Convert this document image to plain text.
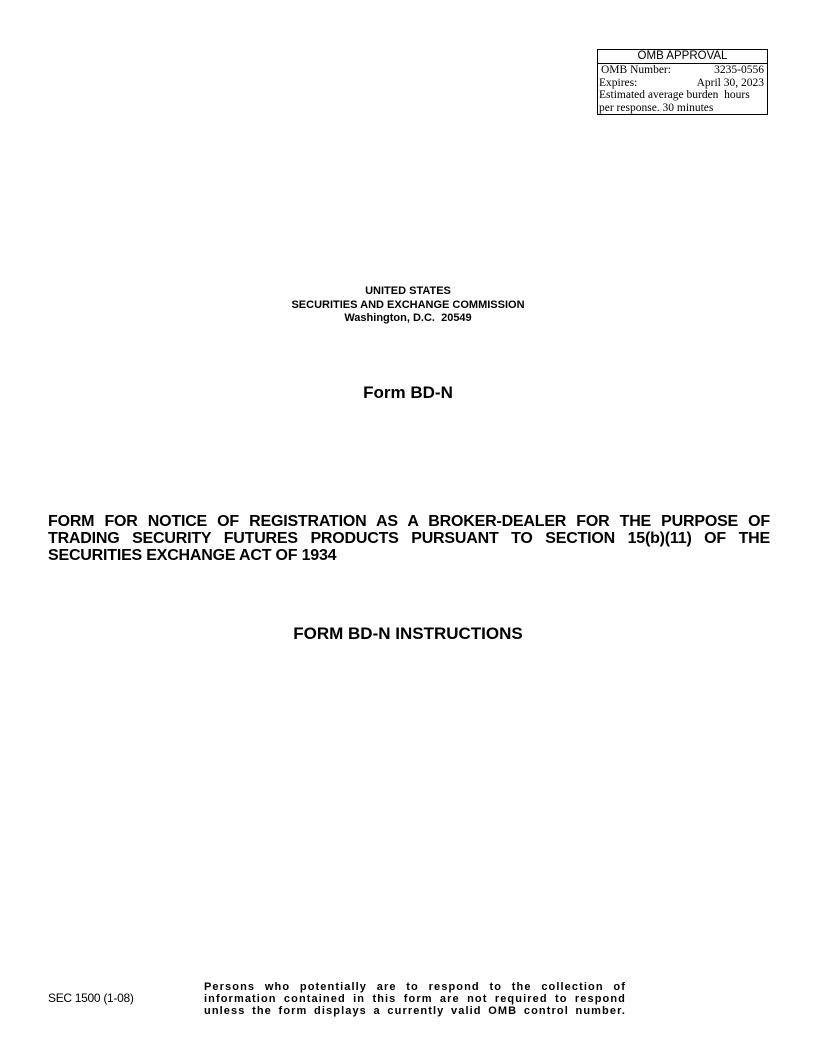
OMB APPROVAL
OMB Number:	3235-0556
Expires:	April 30, 2023
Estimated average burden  hours
per response. 30 minutes
UNITED STATES
SECURITIES AND EXCHANGE COMMISSION
Washington, D.C.  20549
Form BD-N
FORM FOR NOTICE OF REGISTRATION AS A BROKER-DEALER FOR THE PURPOSE OF TRADING SECURITY FUTURES PRODUCTS PURSUANT TO SECTION 15(b)(11) OF THE SECURITIES EXCHANGE ACT OF 1934
FORM BD-N INSTRUCTIONS
SEC 1500 (1-08)
Persons who potentially are to respond to the collection of information contained in this form are not required to respond unless the form displays a currently valid OMB control number.
